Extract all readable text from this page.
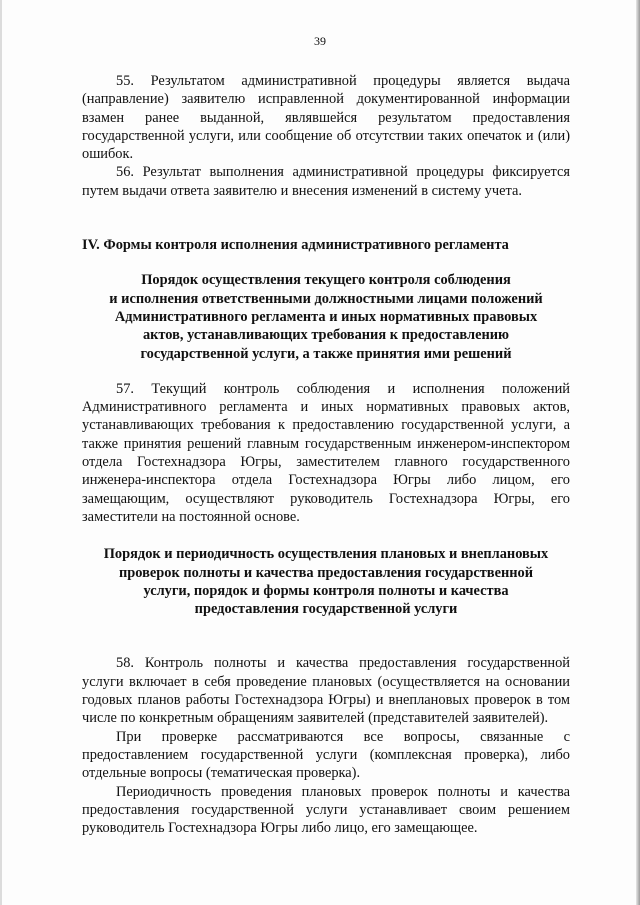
39

55. Результатом административной процедуры является выдача (направление) заявителю исправленной документированной информации взамен ранее выданной, являвшейся результатом предоставления государственной услуги, или сообщение об отсутствии таких опечаток и (или) ошибок.

56. Результат выполнения административной процедуры фиксируется путем выдачи ответа заявителю и внесения изменений в систему учета.

IV. Формы контроля исполнения административного регламента

Порядок осуществления текущего контроля соблюдения
и исполнения ответственными должностными лицами положений
Административного регламента и иных нормативных правовых
актов, устанавливающих требования к предоставлению
государственной услуги, а также принятия ими решений

57. Текущий контроль соблюдения и исполнения положений Административного регламента и иных нормативных правовых актов, устанавливающих требования к предоставлению государственной услуги, а также принятия решений главным государственным инженером-инспектором отдела Гостехнадзора Югры, заместителем главного государственного инженера-инспектора отдела Гостехнадзора Югры либо лицом, его замещающим, осуществляют руководитель Гостехнадзора Югры, его заместители на постоянной основе.

Порядок и периодичность осуществления плановых и внеплановых
проверок полноты и качества предоставления государственной
услуги, порядок и формы контроля полноты и качества
предоставления государственной услуги

58. Контроль полноты и качества предоставления государственной услуги включает в себя проведение плановых (осуществляется на основании годовых планов работы Гостехнадзора Югры) и внеплановых проверок в том числе по конкретным обращениям заявителей (представителей заявителей).

При проверке рассматриваются все вопросы, связанные с предоставлением государственной услуги (комплексная проверка), либо отдельные вопросы (тематическая проверка).

Периодичность проведения плановых проверок полноты и качества предоставления государственной услуги устанавливает своим решением руководитель Гостехнадзора Югры либо лицо, его замещающее.
